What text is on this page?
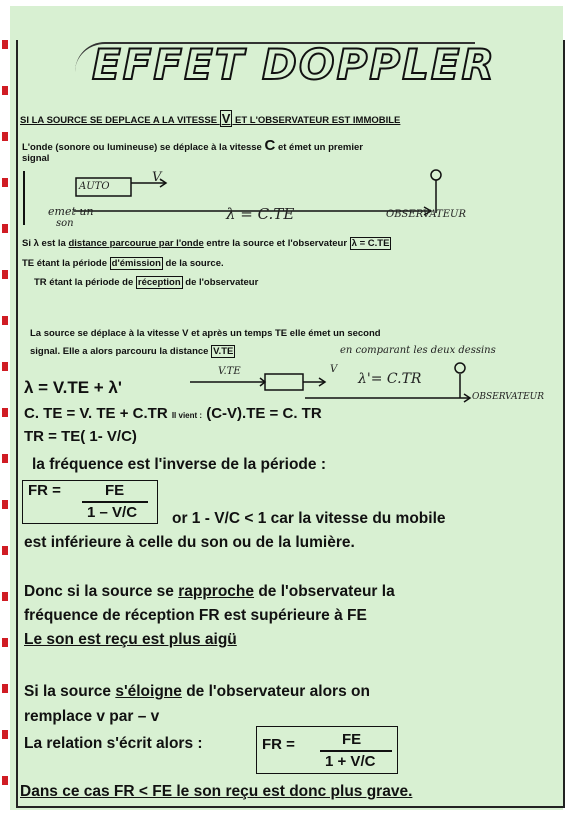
EFFET DOPPLER
SI LA SOURCE SE DEPLACE A LA VITESSE V ET L'OBSERVATEUR EST IMMOBILE
L'onde (sonore ou lumineuse) se déplace à la vitesse C et émet un premier
signal
AUTO
V.
emet un
son
λ = C.TE	OBSERVATEUR
Si λ est la distance parcourue par l'onde entre la source et l'observateur λ = C.TE
TE étant la période d'émission de la source.
TR étant la période de réception de l'observateur
La source se déplace à la vitesse V et après un temps TE elle émet un second
signal. Elle a alors parcouru la distance V.TE	en comparant les deux dessins
V.TE	V
λ'= C.TR
OBSERVATEUR
λ = V.TE + λ'
C. TE = V. TE + C.TR Il vient : (C-V).TE = C. TR
TR = TE( 1- V/C)
la fréquence est l'inverse de la période :
FR =	FE
1 – V/C or 1 - V/C < 1 car la vitesse du mobile
est inférieure à celle du son ou de la lumière.
Donc si la source se rapproche de l'observateur la
fréquence de réception FR est supérieure à FE
Le son est reçu est plus aigü
Si la source s'éloigne de l'observateur alors on
remplace v par – v
La relation s'écrit alors :	FR =	FE
1 + V/C
Dans ce cas FR < FE le son reçu est donc plus grave.
